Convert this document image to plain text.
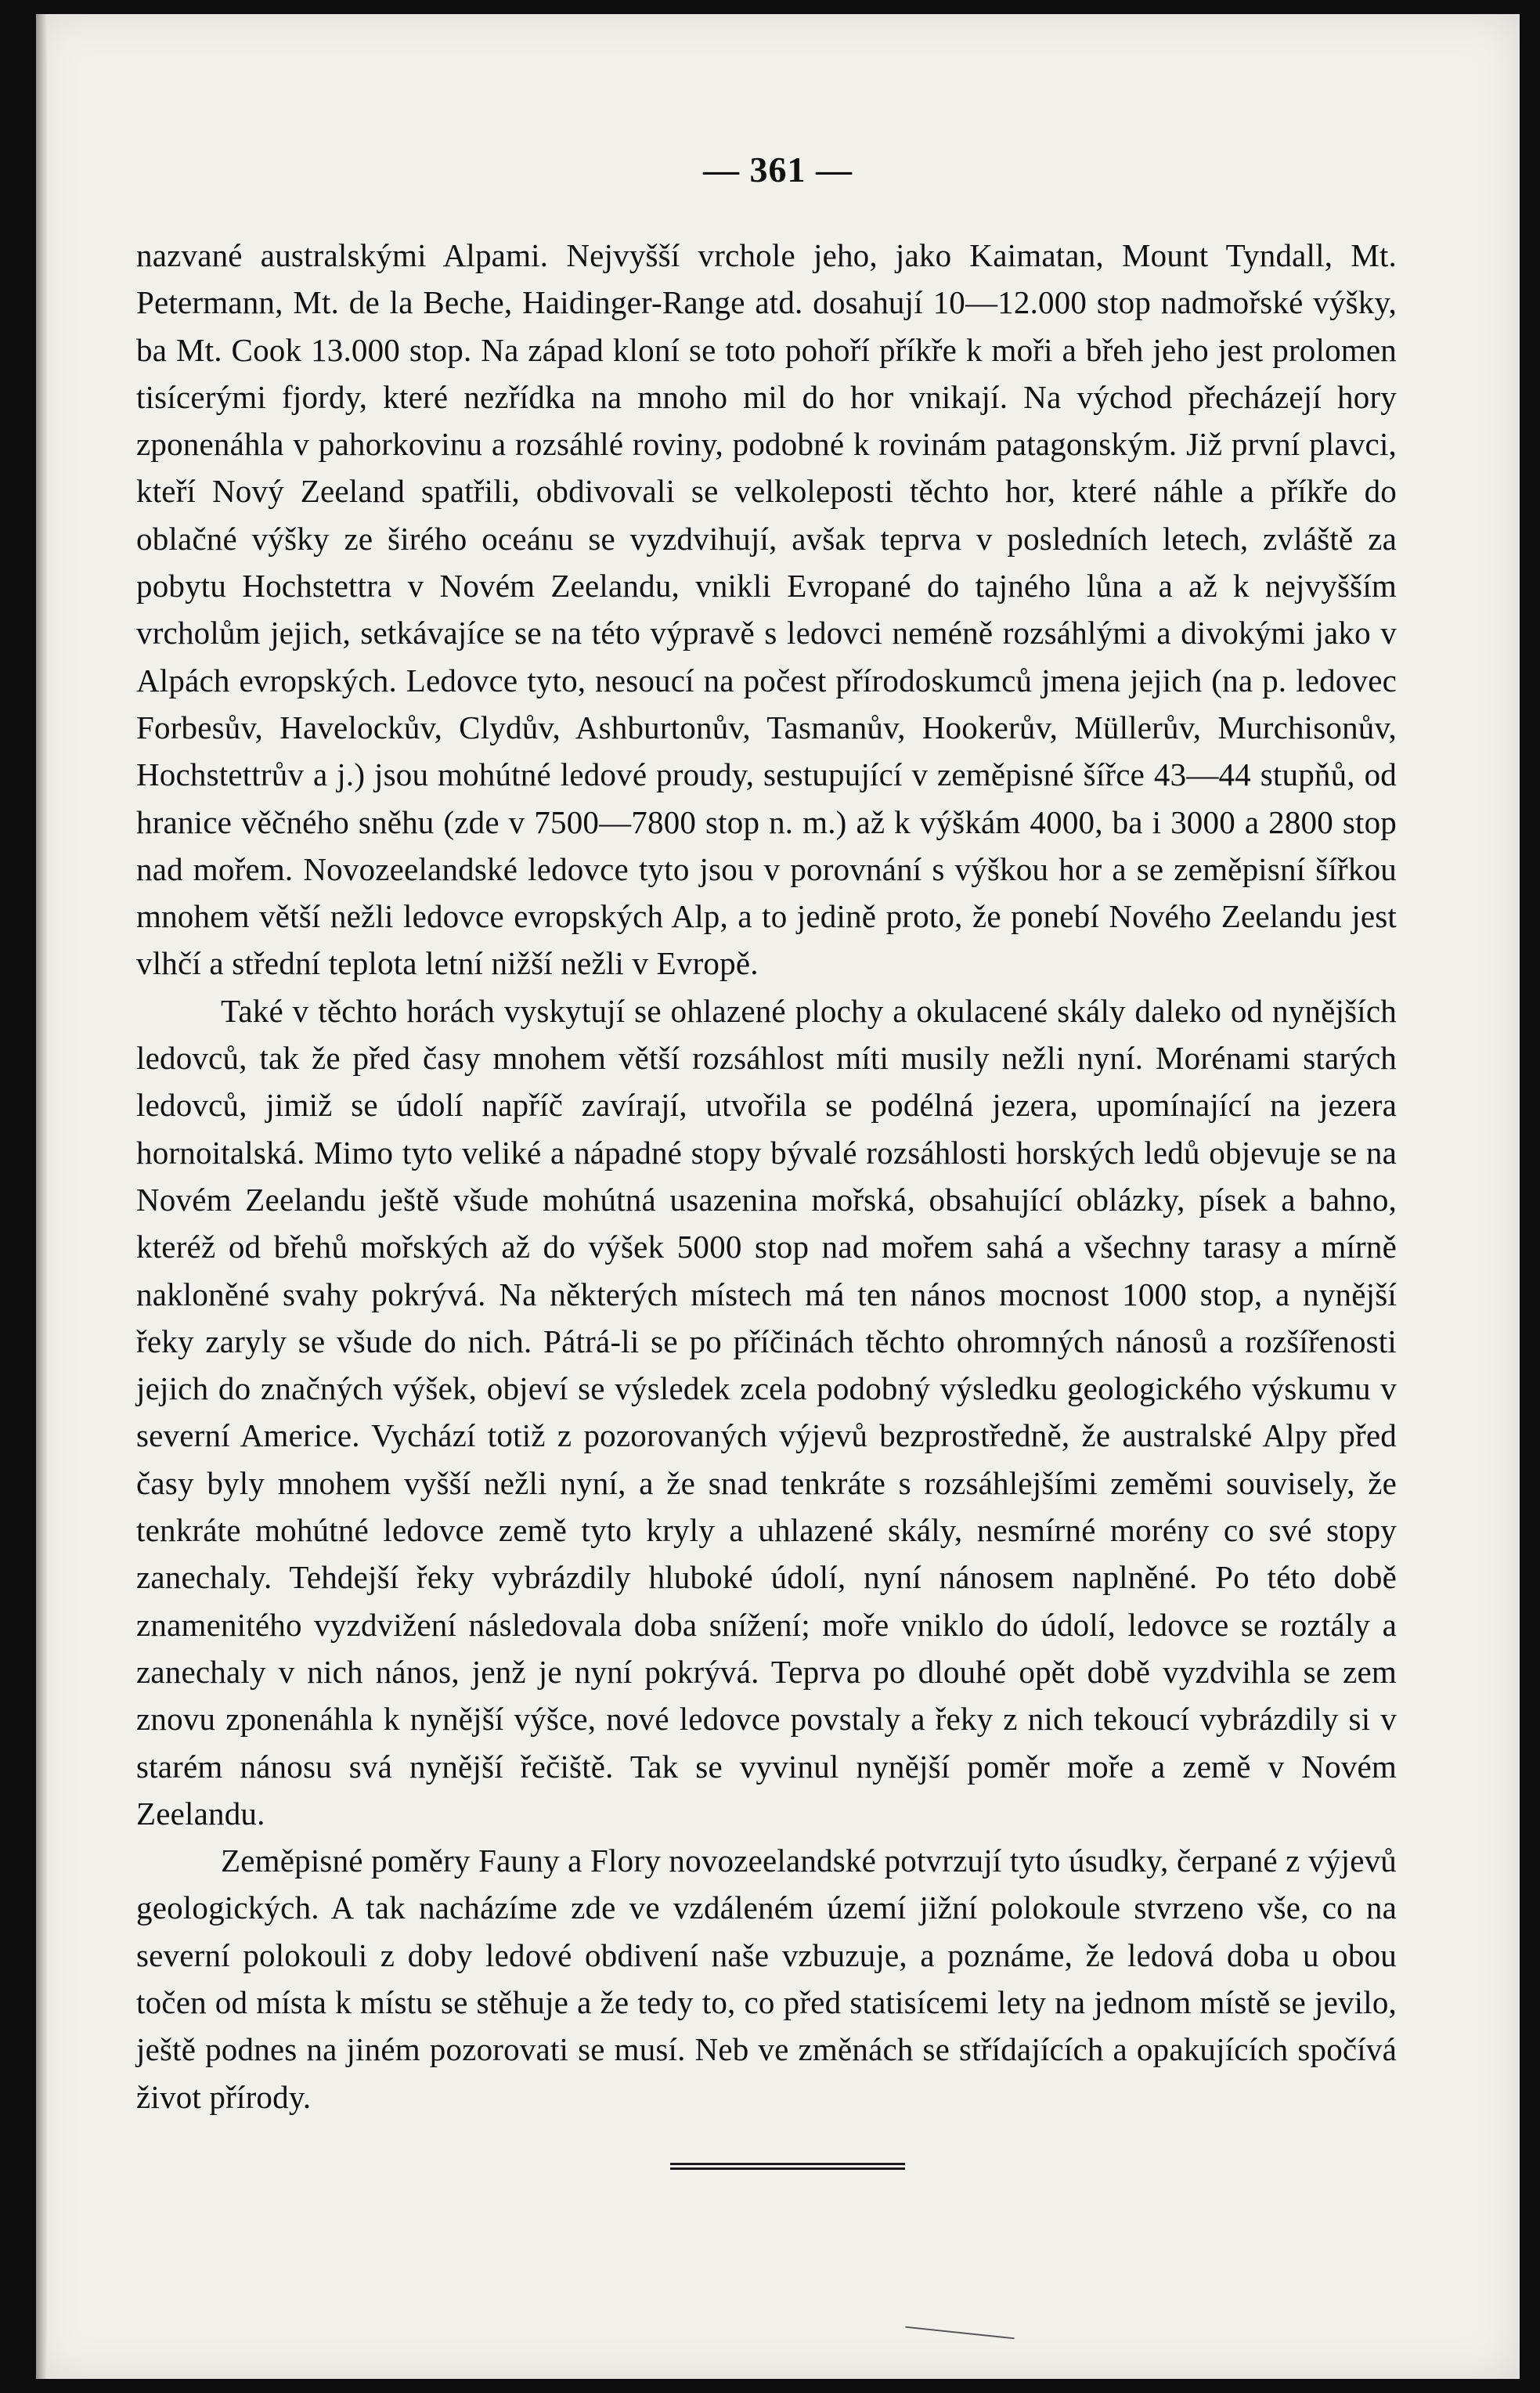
— 361 —

nazvané australskými Alpami. Nejvyšší vrchole jeho, jako Kaimatan, Mount Tyndall, Mt. Petermann, Mt. de la Beche, Haidinger-Range atd. dosahují 10—12.000 stop nadmořské výšky, ba Mt. Cook 13.000 stop. Na západ kloní se toto pohoří příkře k moři a břeh jeho jest prolomen tisícerými fjordy, které nezřídka na mnoho mil do hor vnikají. Na východ přecházejí hory zponenáhla v pahorkovinu a rozsáhlé roviny, podobné k rovinám patagonským. Již první plavci, kteří Nový Zeeland spatřili, obdivovali se velkoleposti těchto hor, které náhle a příkře do oblačné výšky ze širého oceánu se vyzdvihují, avšak teprva v posledních letech, zvláště za pobytu Hochstettra v Novém Zeelandu, vnikli Evropané do tajného lůna a až k nejvyšším vrcholům jejich, setkávajíce se na této výpravě s ledovci neméně rozsáhlými a divokými jako v Alpách evropských. Ledovce tyto, nesoucí na počest přírodoskumců jmena jejich (na p. ledovec Forbesův, Havelockův, Clydův, Ashburtonův, Tasmanův, Hookerův, Müllerův, Murchisonův, Hochstettrův a j.) jsou mohútné ledové proudy, sestupující v zeměpisné šířce 43—44 stupňů, od hranice věčného sněhu (zde v 7500—7800 stop n. m.) až k výškám 4000, ba i 3000 a 2800 stop nad mořem. Novozeelandské ledovce tyto jsou v porovnání s výškou hor a se zeměpisní šířkou mnohem větší nežli ledovce evropských Alp, a to jedině proto, že ponebí Nového Zeelandu jest vlhčí a střední teplota letní nižší nežli v Evropě.

Také v těchto horách vyskytují se ohlazené plochy a okulacené skály daleko od nynějších ledovců, tak že před časy mnohem větší rozsáhlost míti musily nežli nyní. Morénami starých ledovců, jimiž se údolí napříč zavírají, utvořila se podélná jezera, upomínající na jezera hornoitalská. Mimo tyto veliké a nápadné stopy bývalé rozsáhlosti horských ledů objevuje se na Novém Zeelandu ještě všude mohútná usazenina mořská, obsahující oblázky, písek a bahno, kteréž od břehů mořských až do výšek 5000 stop nad mořem sahá a všechny tarasy a mírně nakloněné svahy pokrývá. Na některých místech má ten nános mocnost 1000 stop, a nynější řeky zaryly se všude do nich. Pátrá-li se po příčinách těchto ohromných nánosů a rozšířenosti jejich do značných výšek, objeví se výsledek zcela podobný výsledku geologického výskumu v severní Americe. Vychází totiž z pozorovaných výjevů bezprostředně, že australské Alpy před časy byly mnohem vyšší nežli nyní, a že snad tenkráte s rozsáhlejšími zeměmi souvisely, že tenkráte mohútné ledovce země tyto kryly a uhlazené skály, nesmírné morény co své stopy zanechaly. Tehdejší řeky vybrázdily hluboké údolí, nyní nánosem naplněné. Po této době znamenitého vyzdvižení následovala doba snížení; moře vniklo do údolí, ledovce se roztály a zanechaly v nich nános, jenž je nyní pokrývá. Teprva po dlouhé opět době vyzdvihla se zem znovu zponenáhla k nynější výšce, nové ledovce povstaly a řeky z nich tekoucí vybrázdily si v starém nánosu svá nynější řečiště. Tak se vyvinul nynější poměr moře a země v Novém Zeelandu.

Zeměpisné poměry Fauny a Flory novozeelandské potvrzují tyto úsudky, čerpané z výjevů geologických. A tak nacházíme zde ve vzdáleném území jižní polokoule stvrzeno vše, co na severní polokouli z doby ledové obdivení naše vzbuzuje, a poznáme, že ledová doba u obou točen od místa k místu se stěhuje a že tedy to, co před statisícemi lety na jednom místě se jevilo, ještě podnes na jiném pozorovati se musí. Neb ve změnách se střídajících a opakujících spočívá život přírody.
